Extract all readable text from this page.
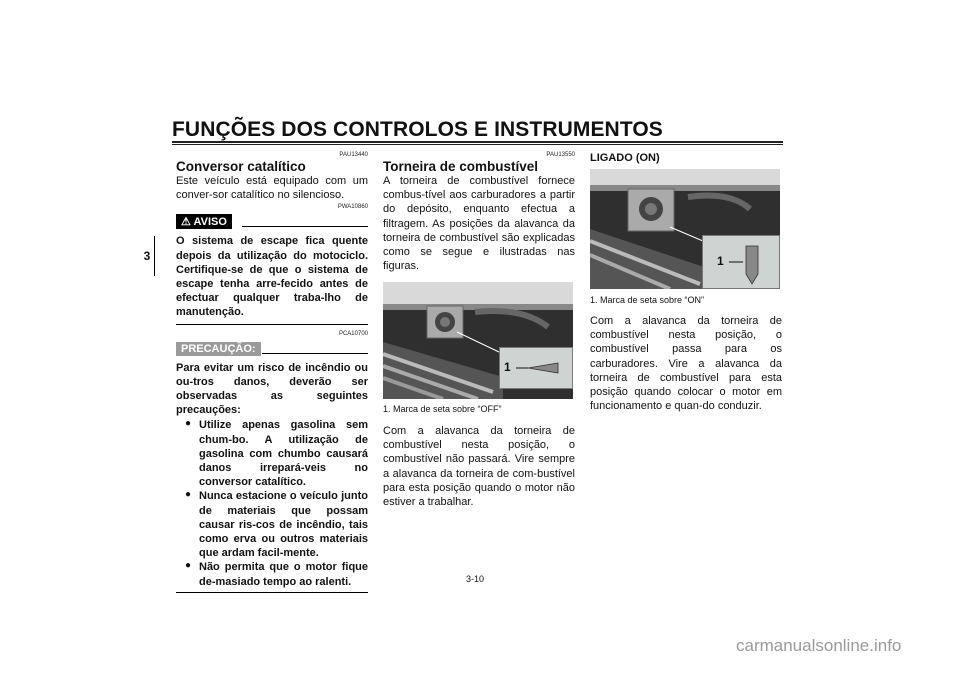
FUNÇÕES DOS CONTROLOS E INSTRUMENTOS
3
PAU13440
Conversor catalítico
Este veículo está equipado com um conver-sor catalítico no silencioso.
PWA10860
⚠ AVISO
O sistema de escape fica quente depois da utilização do motociclo. Certifique-se de que o sistema de escape tenha arre-fecido antes de efectuar qualquer traba-lho de manutenção.
PCA10700
PRECAUÇÃO:
Para evitar um risco de incêndio ou ou-tros danos, deverão ser observadas as seguintes precauções:
● Utilize apenas gasolina sem chum-bo. A utilização de gasolina com chumbo causará danos irrepará-veis no conversor catalítico.
● Nunca estacione o veículo junto de materiais que possam causar ris-cos de incêndio, tais como erva ou outros materiais que ardam facil-mente.
● Não permita que o motor fique de-masiado tempo ao ralenti.
PAU13550
Torneira de combustível
A torneira de combustível fornece combus-tível aos carburadores a partir do depósito, enquanto efectua a filtragem. As posições da alavanca da torneira de combustível são explicadas como se segue e ilustradas nas figuras.
1
1. Marca de seta sobre “OFF”
Com a alavanca da torneira de combustível nesta posição, o combustível não passará. Vire sempre a alavanca da torneira de com-bustível para esta posição quando o motor não estiver a trabalhar.
LIGADO (ON)
1
1. Marca de seta sobre “ON”
Com a alavanca da torneira de combustível nesta posição, o combustível passa para os carburadores. Vire a alavanca da torneira de combustível para esta posição quando colocar o motor em funcionamento e quan-do conduzir.
3-10
carmanualsonline.info
